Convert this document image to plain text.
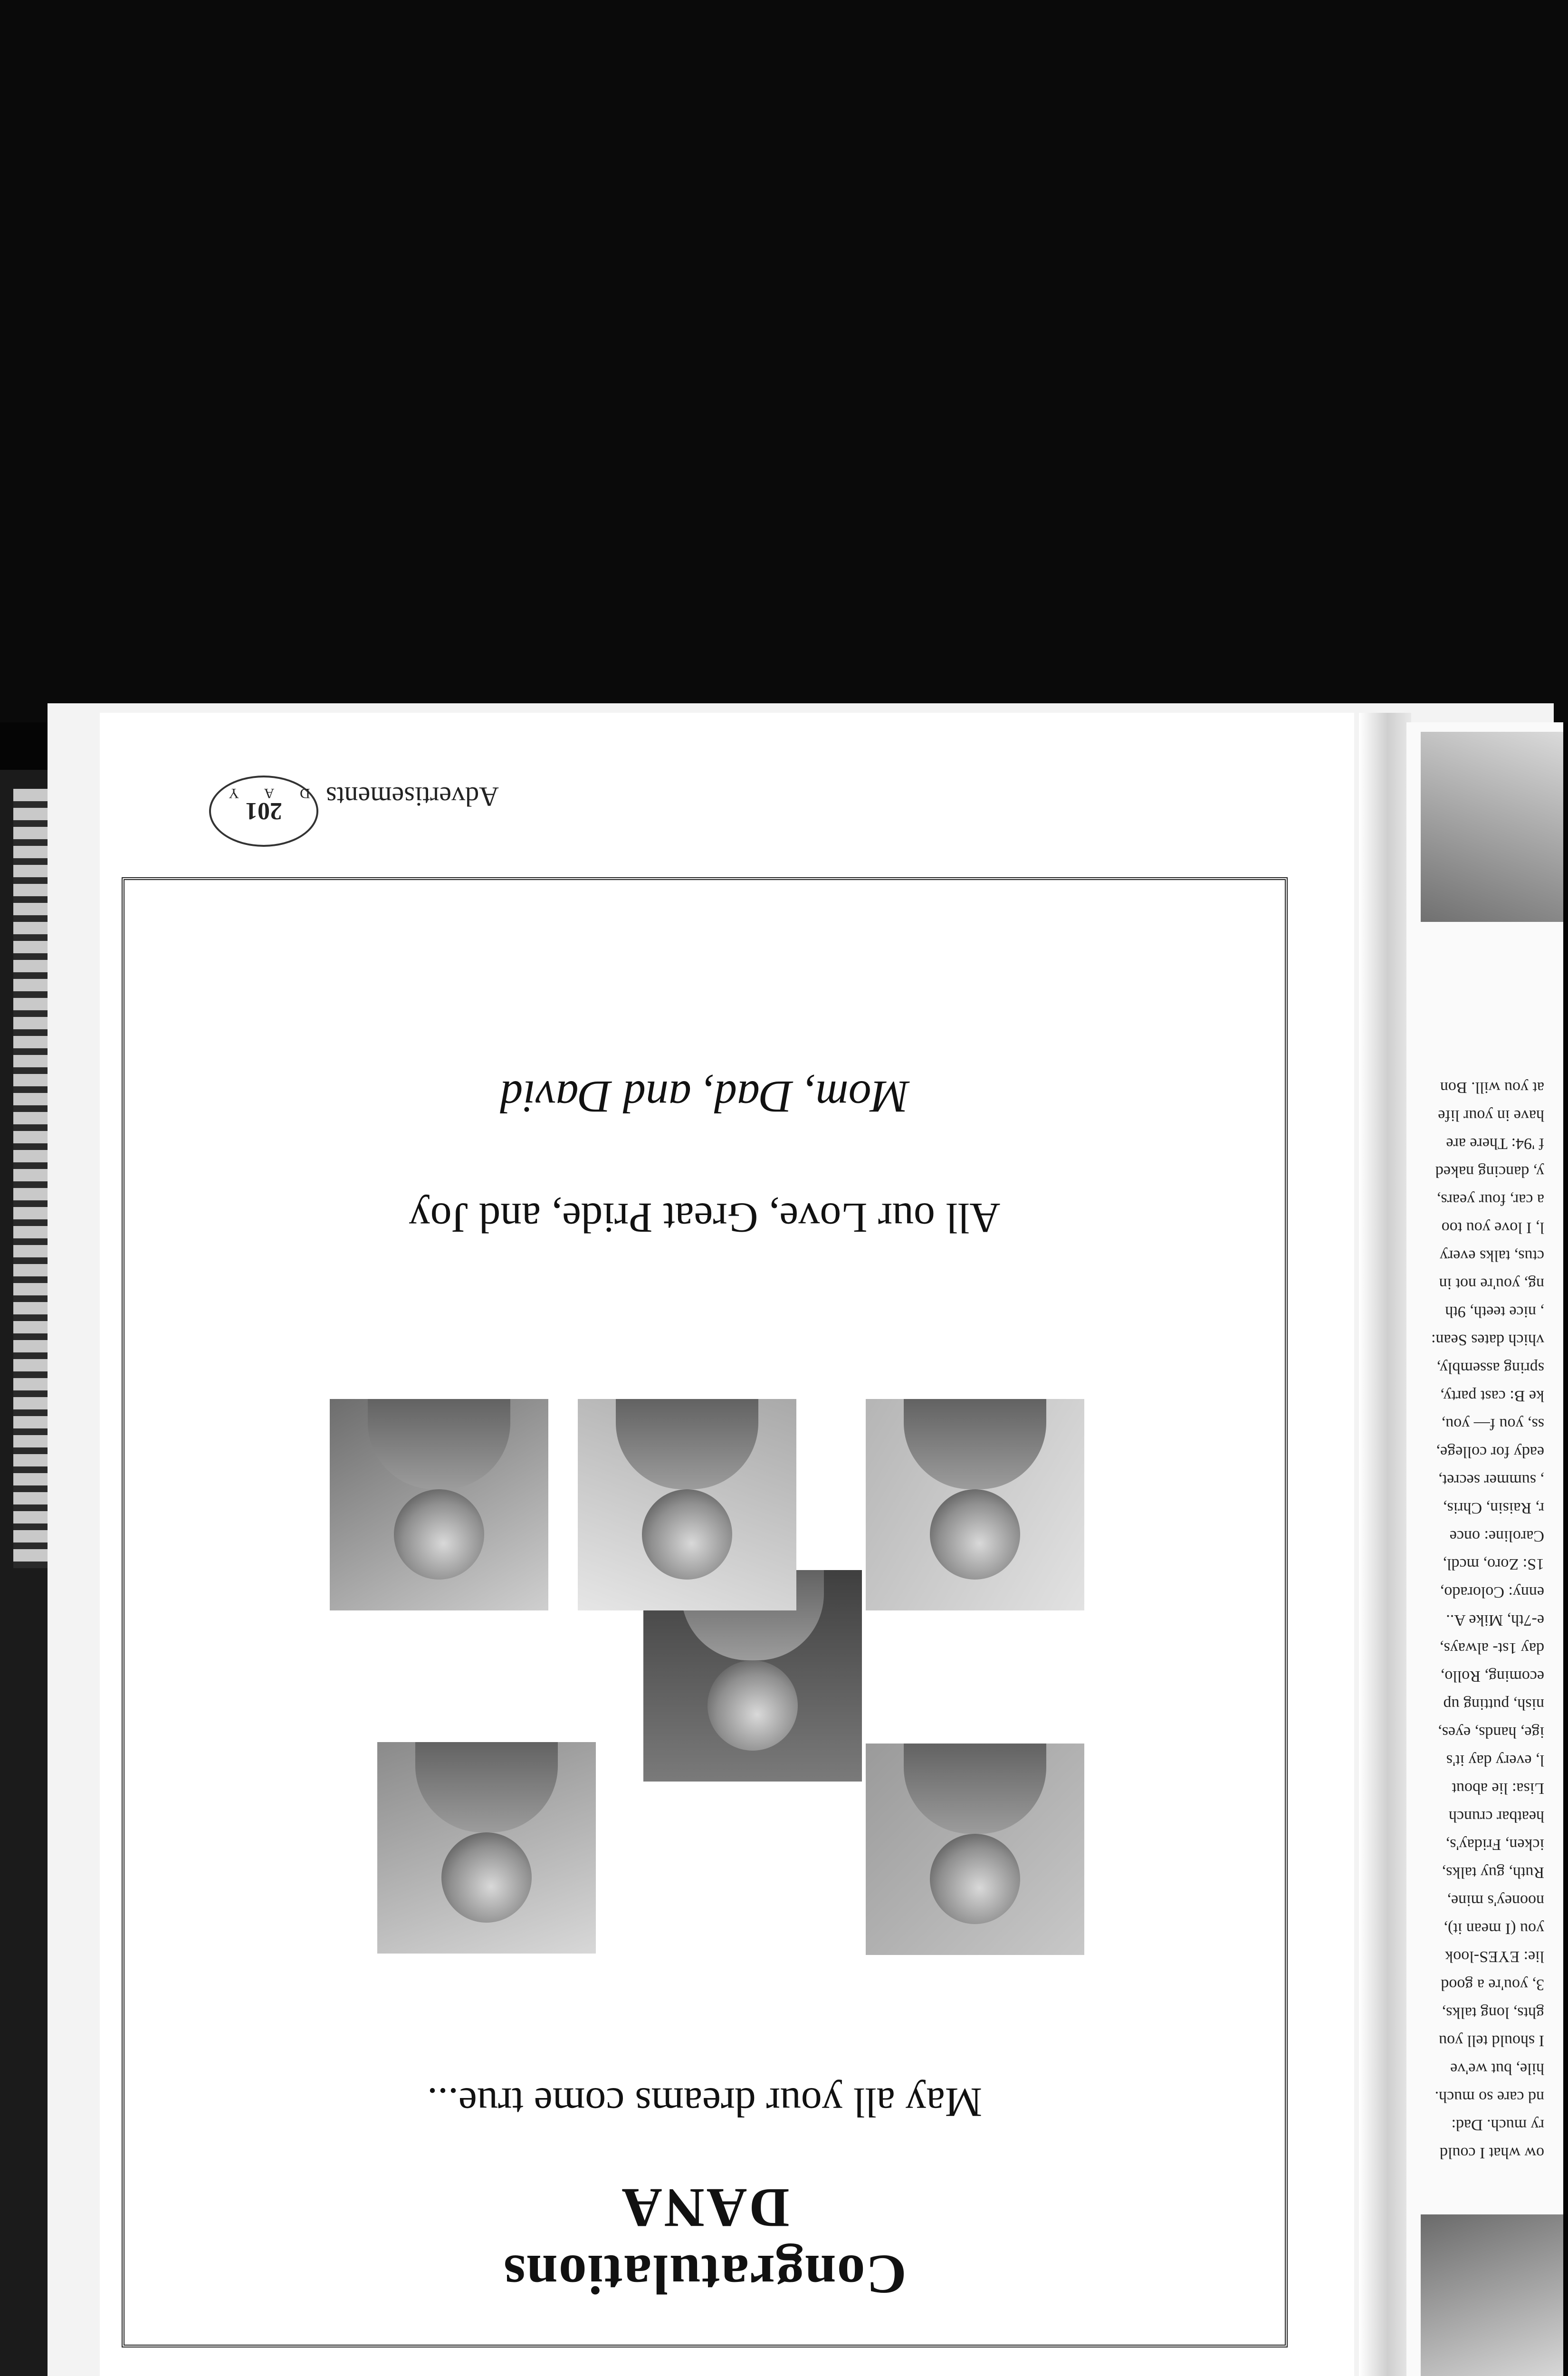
Congratulations
DANA
May all your dreams come true...
All our Love, Great Pride, and Joy
Mom, Dad, and David
Advertisements
201
D A Y
ow what I could
ry much. Dad:
nd care so much.
hile, but we've
I should tell you
ghts, long talks,
3, you're a good
lie: EYES-look
you (I mean it),
nooney's mine,
Ruth, guy talks,
icken, Friday's,
heatbar crunch
Lisa: lie about
l, every day it's
ige, hands, eyes,
nish, putting up
ecoming, Rollo,
day 1st- always,
e-7th, Mike A..
enny: Colorado,
1S: Zoro, mcdl,
Caroline: once
r, Raisin, Chris,
, summer secret,
eady for college,
ss, you f— you,
ke B: cast party,
spring assembly,
vhich dates Sean:
, nice teeth, 9th
ng, you're not in
ctus, talks every
l, I love you too
a car, four years,
y, dancing naked
f '94: There are
have in your life
at you will. Bon
